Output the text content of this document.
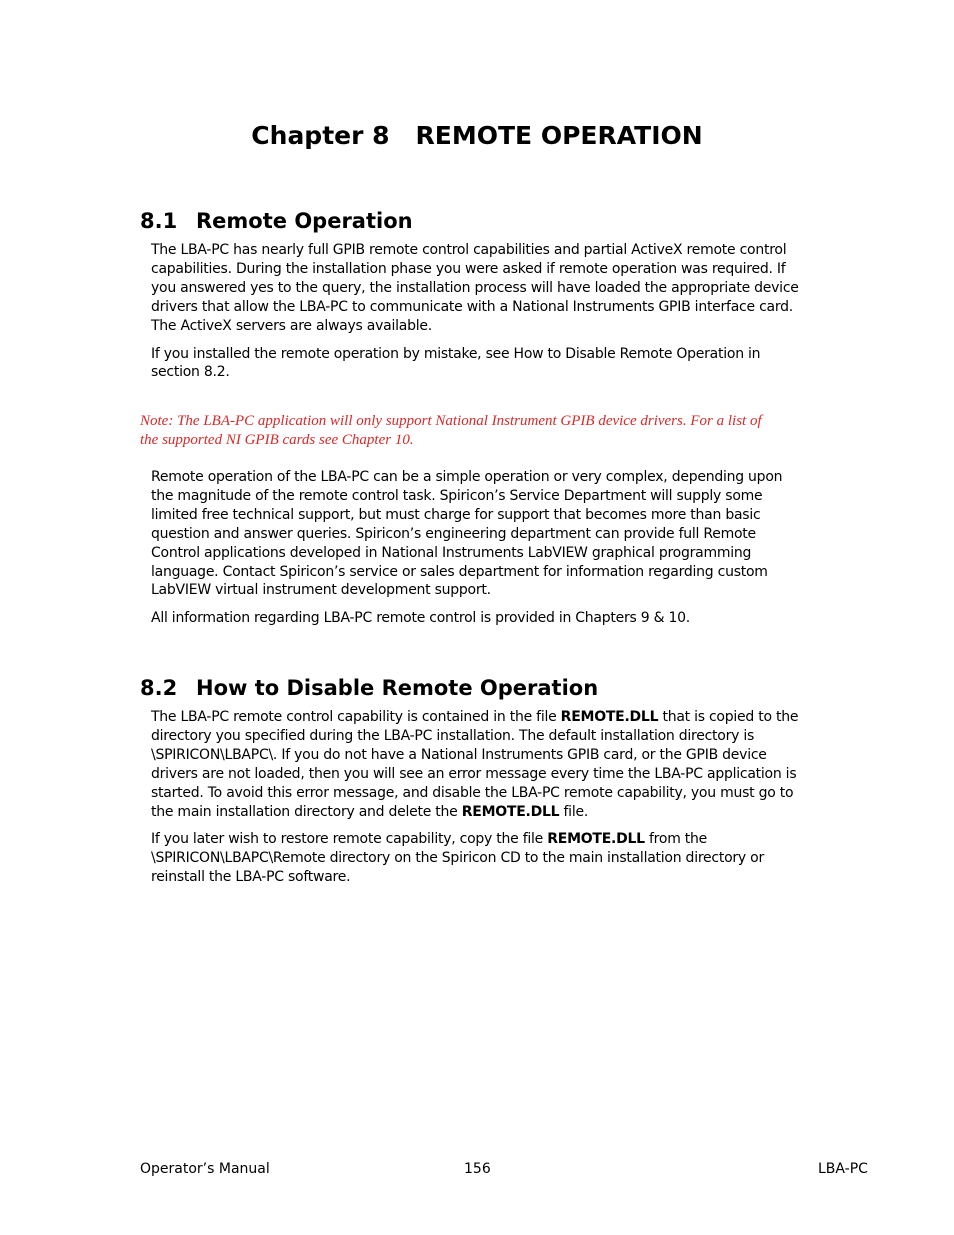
Chapter 8 REMOTE OPERATION
8.1 Remote Operation
The LBA-PC has nearly full GPIB remote control capabilities and partial ActiveX remote control
capabilities. During the installation phase you were asked if remote operation was required. If
you answered yes to the query, the installation process will have loaded the appropriate device
drivers that allow the LBA-PC to communicate with a National Instruments GPIB interface card.
The ActiveX servers are always available.
If you installed the remote operation by mistake, see How to Disable Remote Operation in
section 8.2.
Note: The LBA-PC application will only support National Instrument GPIB device drivers. For a list of
the supported NI GPIB cards see Chapter 10.
Remote operation of the LBA-PC can be a simple operation or very complex, depending upon
the magnitude of the remote control task. Spiricon’s Service Department will supply some
limited free technical support, but must charge for support that becomes more than basic
question and answer queries. Spiricon’s engineering department can provide full Remote
Control applications developed in National Instruments LabVIEW graphical programming
language. Contact Spiricon’s service or sales department for information regarding custom
LabVIEW virtual instrument development support.
All information regarding LBA-PC remote control is provided in Chapters 9 & 10.
8.2 How to Disable Remote Operation
The LBA-PC remote control capability is contained in the file REMOTE.DLL that is copied to the
directory you specified during the LBA-PC installation. The default installation directory is
\SPIRICON\LBAPC\. If you do not have a National Instruments GPIB card, or the GPIB device
drivers are not loaded, then you will see an error message every time the LBA-PC application is
started. To avoid this error message, and disable the LBA-PC remote capability, you must go to
the main installation directory and delete the REMOTE.DLL file.
If you later wish to restore remote capability, copy the file REMOTE.DLL from the
\SPIRICON\LBAPC\Remote directory on the Spiricon CD to the main installation directory or
reinstall the LBA-PC software.
Operator’s Manual	156	LBA-PC
